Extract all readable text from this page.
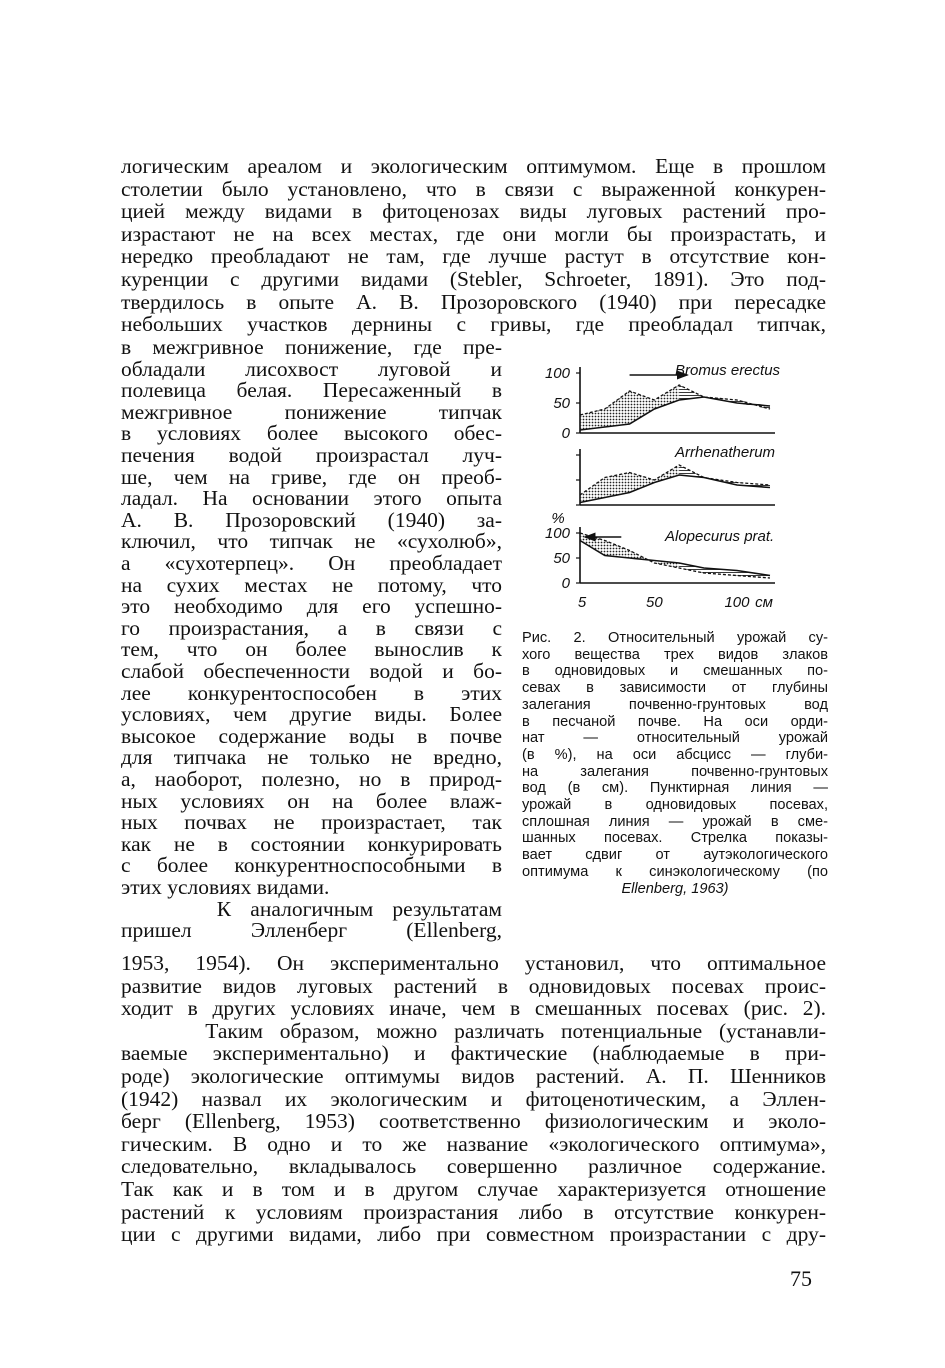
логическим ареалом и экологическим оптимумом. Еще в прошлом
столетии было установлено, что в связи с выраженной конкурен-
цией между видами в фитоценозах виды луговых растений про-
израстают не на всех местах, где они могли бы произрастать, и
нередко преобладают не там, где лучше растут в отсутствие кон-
куренции с другими видами (Stebler, Schroeter, 1891). Это под-
твердилось в опыте А. В. Прозоровского (1940) при пересадке
небольших участков дернины с гривы, где преобладал типчак,
в межгривное понижение, где пре-
обладали лисохвост луговой и
полевица белая. Пересаженный в
межгривное понижение типчак
в условиях более высокого обес-
печения водой произрастал луч-
ше, чем на гриве, где он преоб-
ладал. На основании этого опыта
А. В. Прозоровский (1940) за-
ключил, что типчак не «сухолюб»,
а «сухотерпец». Он преобладает
на сухих местах не потому, что
это необходимо для его успешно-
го произрастания, а в связи с
тем, что он более вынослив к
слабой обеспеченности водой и бо-
лее конкурентоспособен в этих
условиях, чем другие виды. Более
высокое содержание воды в почве
для типчака не только не вредно,
а, наоборот, полезно, но в природ-
ных условиях он на более влаж-
ных почвах не произрастает, так
как не в состоянии конкурировать
с более конкурентноспособными в
этих условиях видами.
К аналогичным результатам
пришел Элленберг (Ellenberg,
Bromus erectus
Arrhenatherum
Alopecurus prat.
100
50
0
100
50
0
%
5	50	100 см
Рис. 2. Относительный урожай су-
хого вещества трех видов злаков
в одновидовых и смешанных по-
севах в зависимости от глубины
залегания почвенно-грунтовых вод
в песчаной почве. На оси орди-
нат — относительный урожай
(в %), на оси абсцисс — глуби-
на залегания почвенно-грунтовых
вод (в см). Пунктирная линия —
урожай в одновидовых посевах,
сплошная линия — урожай в сме-
шанных посевах. Стрелка показы-
вает сдвиг от аутэкологического
оптимума к синэкологическому (по
Ellenberg, 1963)
1953, 1954). Он экспериментально установил, что оптимальное
развитие видов луговых растений в одновидовых посевах проис-
ходит в других условиях иначе, чем в смешанных посевах (рис. 2).
Таким образом, можно различать потенциальные (устанавли-
ваемые экспериментально) и фактические (наблюдаемые в при-
роде) экологические оптимумы видов растений. А. П. Шенников
(1942) назвал их экологическим и фитоценотическим, а Эллен-
берг (Ellenberg, 1953) соответственно физиологическим и эколо-
гическим. В одно и то же название «экологического оптимума»,
следовательно, вкладывалось совершенно различное содержание.
Так как и в том и в другом случае характеризуется отношение
растений к условиям произрастания либо в отсутствие конкурен-
ции с другими видами, либо при совместном произрастании с дру-
75
